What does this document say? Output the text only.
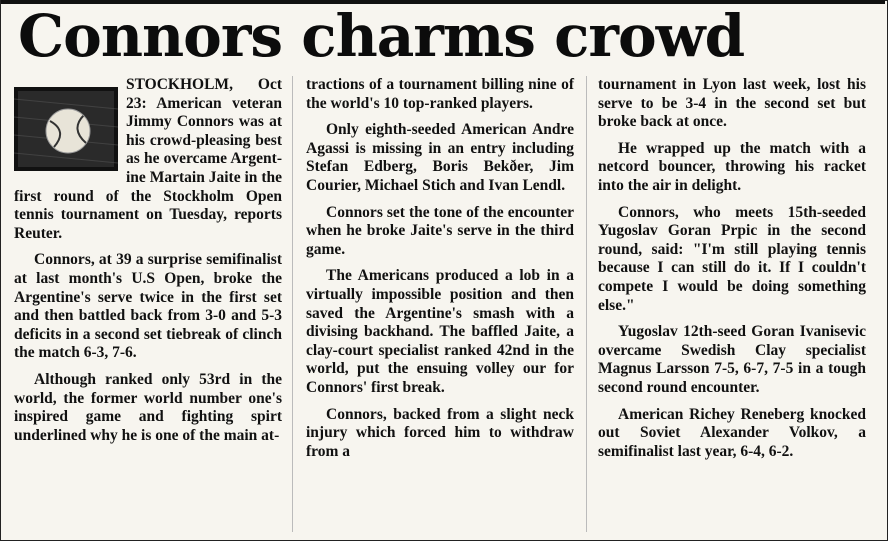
Connors charms crowd

STOCKHOLM, Oct 23: American veteran Jimmy Connors was at his crowd-pleasing best as he overcame Argent-ine Martain Jaite in the first round of the Stockholm Open tennis tournament on Tuesday, reports Reuter.

Connors, at 39 a surprise semifinalist at last month's U.S Open, broke the Argentine's serve twice in the first set and then battled back from 3-0 and 5-3 deficits in a second set tiebreak of clinch the match 6-3, 7-6.

Although ranked only 53rd in the world, the former world number one's inspired game and fighting spirt underlined why he is one of the main at-

tractions of a tournament billing nine of the world's 10 top-ranked players.

Only eighth-seeded American Andre Agassi is missing in an entry including Stefan Edberg, Boris Bekðer, Jim Courier, Michael Stich and Ivan Lendl.

Connors set the tone of the encounter when he broke Jaite's serve in the third game.

The Americans produced a lob in a virtually impossible position and then saved the Argentine's smash with a divising backhand. The baffled Jaite, a clay-court specialist ranked 42nd in the world, put the ensuing volley our for Connors' first break.

Connors, backed from a slight neck injury which forced him to withdraw from a

tournament in Lyon last week, lost his serve to be 3-4 in the second set but broke back at once.

He wrapped up the match with a netcord bouncer, throwing his racket into the air in delight.

Connors, who meets 15th-seeded Yugoslav Goran Prpic in the second round, said: "I'm still playing tennis because I can still do it. If I couldn't compete I would be doing something else."

Yugoslav 12th-seed Goran Ivanisevic overcame Swedish Clay specialist Magnus Larsson 7-5, 6-7, 7-5 in a tough second round encounter.

American Richey Reneberg knocked out Soviet Alexander Volkov, a semifinalist last year, 6-4, 6-2.
